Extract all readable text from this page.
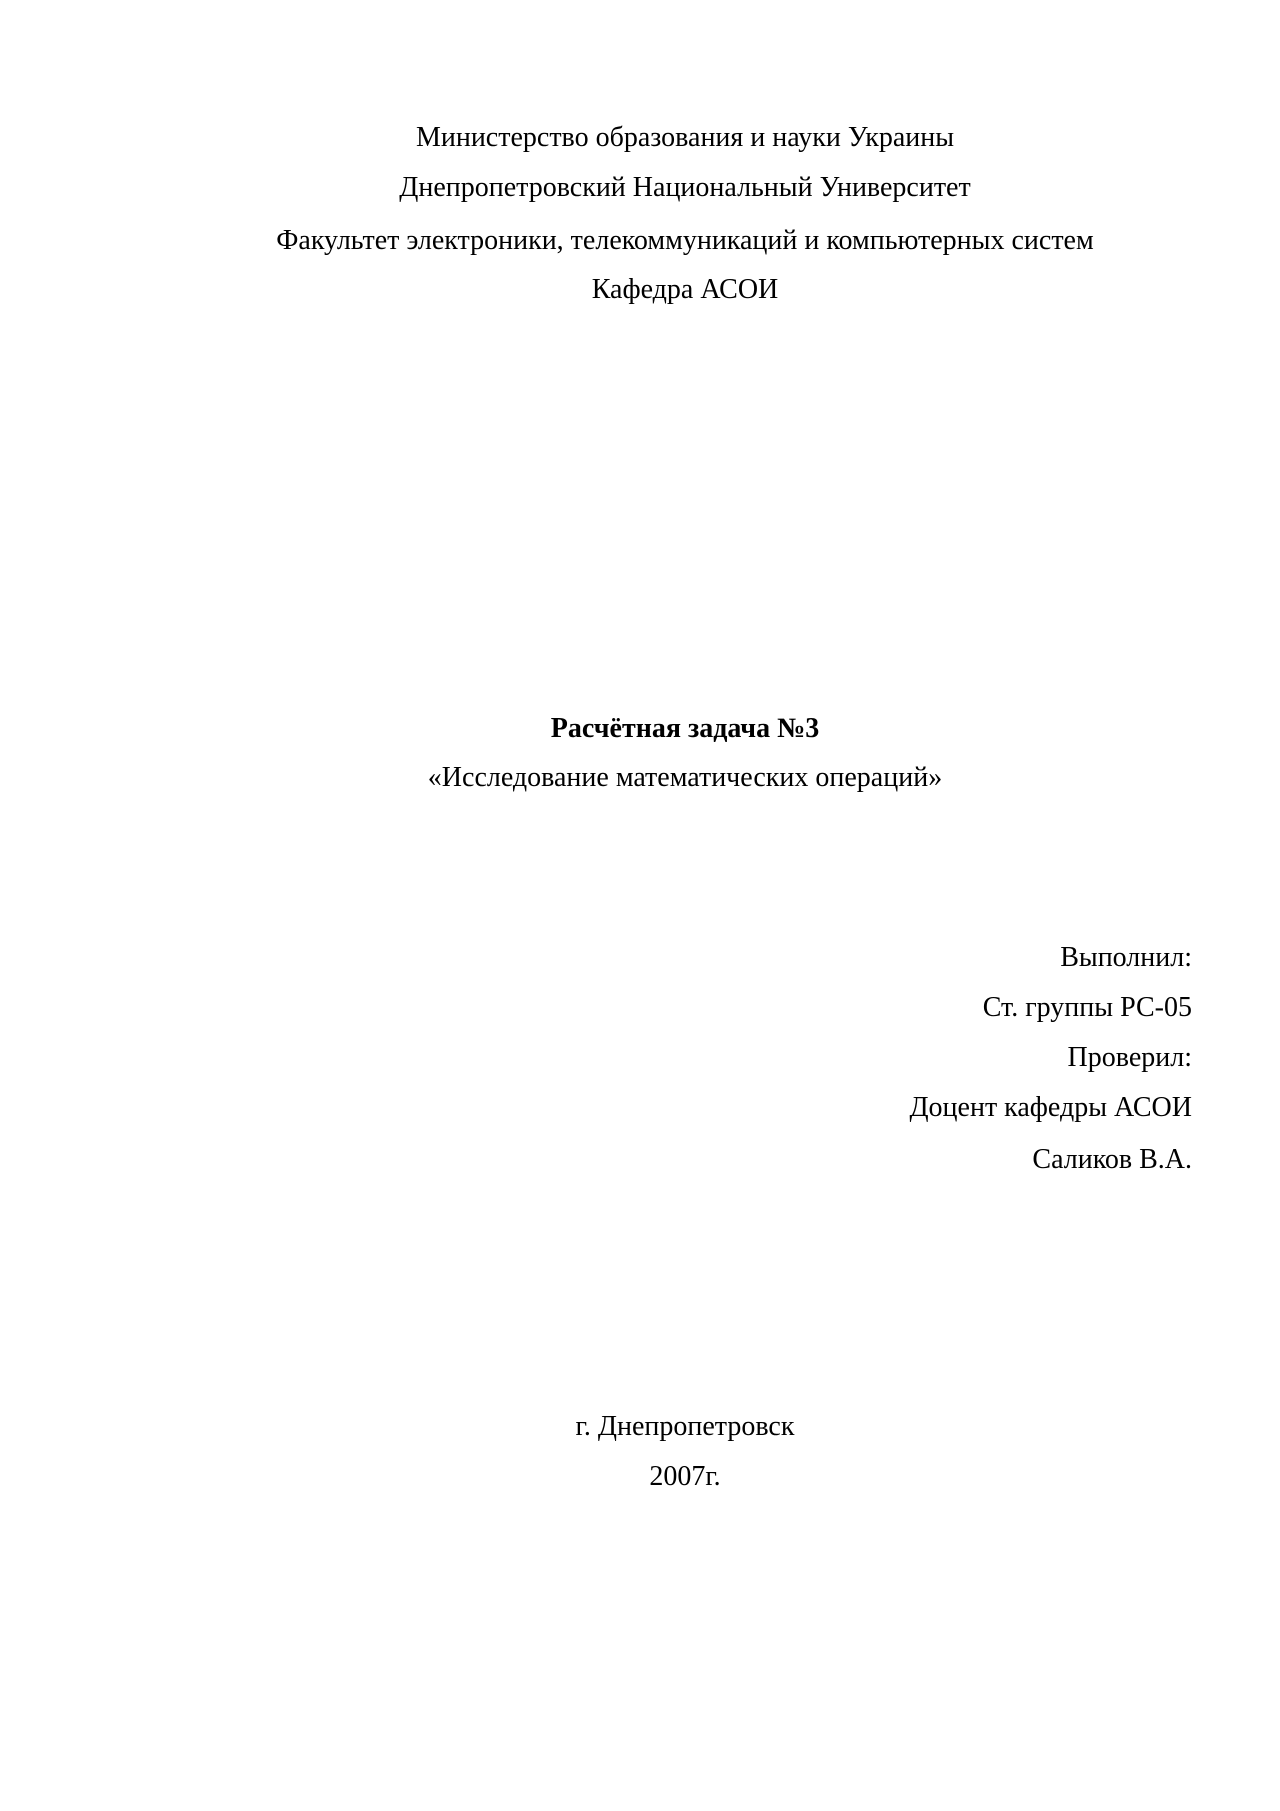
Министерство образования и науки Украины
Днепропетровский Национальный Университет
Факультет электроники, телекоммуникаций и компьютерных систем
Кафедра АСОИ
Расчётная задача №3
«Исследование математических операций»
Выполнил:
Ст. группы РС-05
Проверил:
Доцент кафедры АСОИ
Саликов В.А.
г. Днепропетровск
2007г.
